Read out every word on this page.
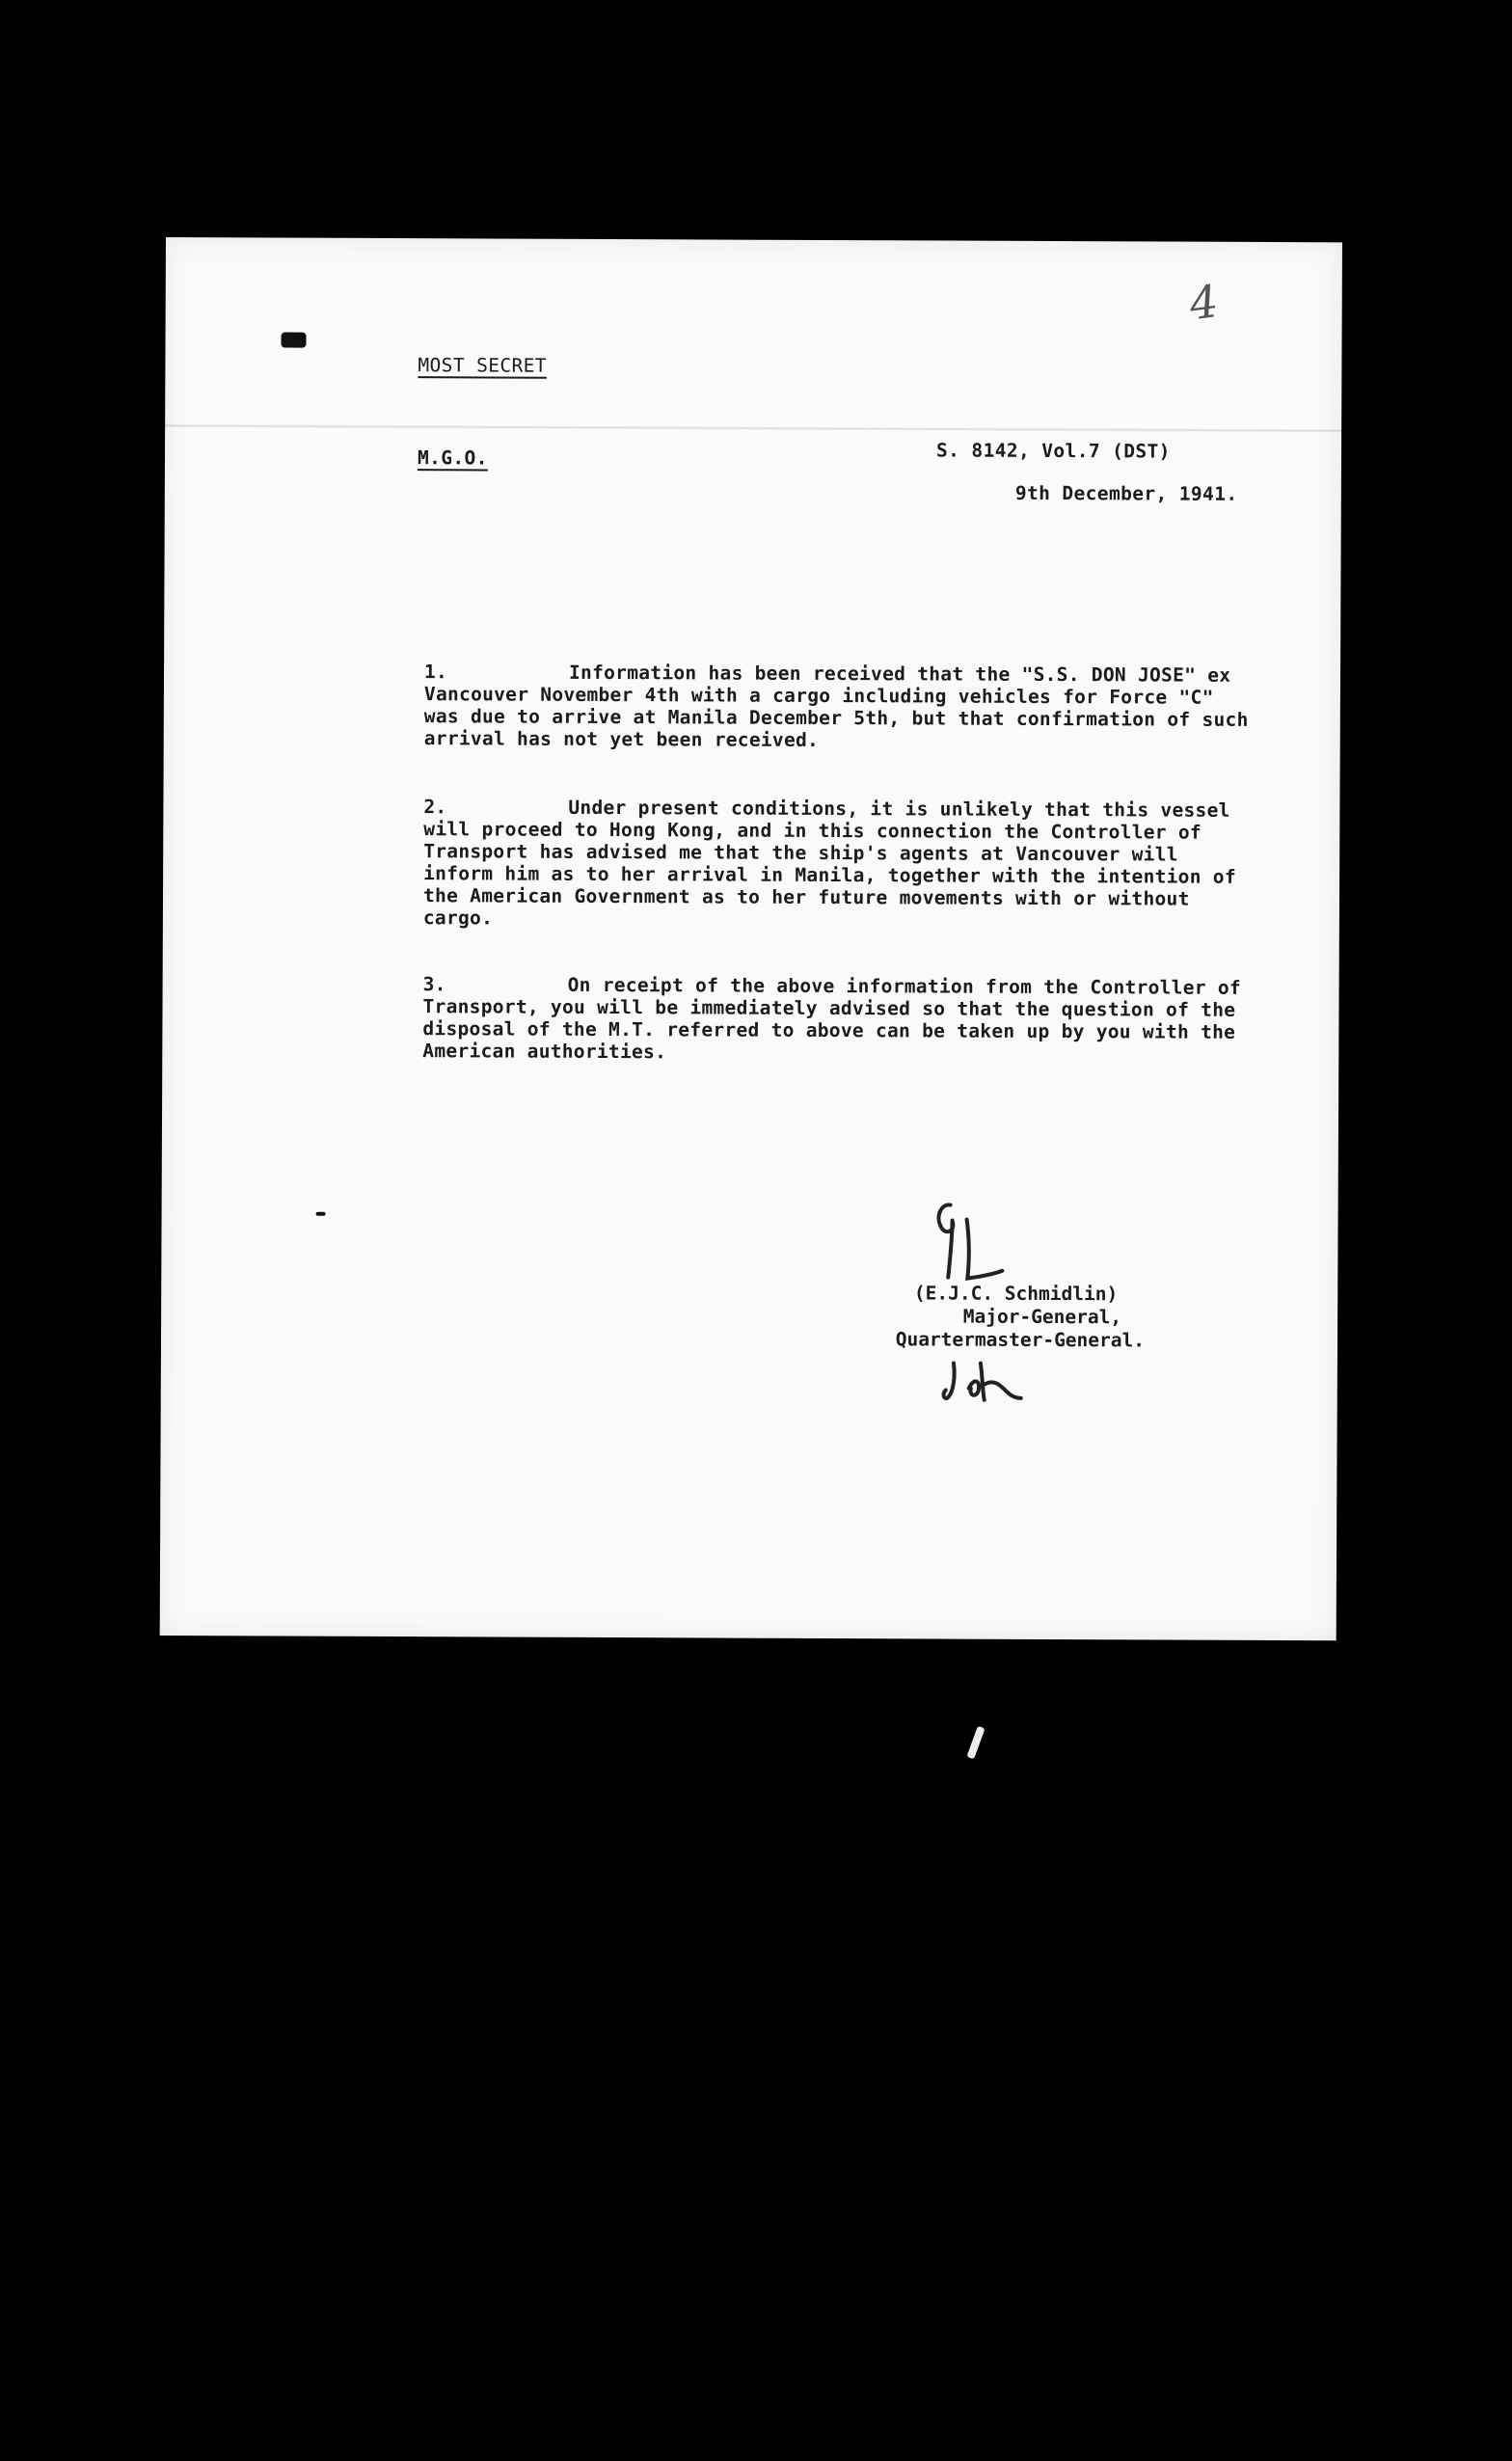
4
MOST SECRET
M.G.O.	S. 8142, Vol.7 (DST)
9th December, 1941.

1.	Information has been received that the "S.S. DON JOSE" ex Vancouver November 4th with a cargo including vehicles for Force "C" was due to arrive at Manila December 5th, but that confirmation of such arrival has not yet been received.

2.	Under present conditions, it is unlikely that this vessel will proceed to Hong Kong, and in this connection the Controller of Transport has advised me that the ship's agents at Vancouver will inform him as to her arrival in Manila, together with the intention of the American Government as to her future movements with or without cargo.

3.	On receipt of the above information from the Controller of Transport, you will be immediately advised so that the question of the disposal of the M.T. referred to above can be taken up by you with the American authorities.

(E.J.C. Schmidlin)
Major-General,
Quartermaster-General.
